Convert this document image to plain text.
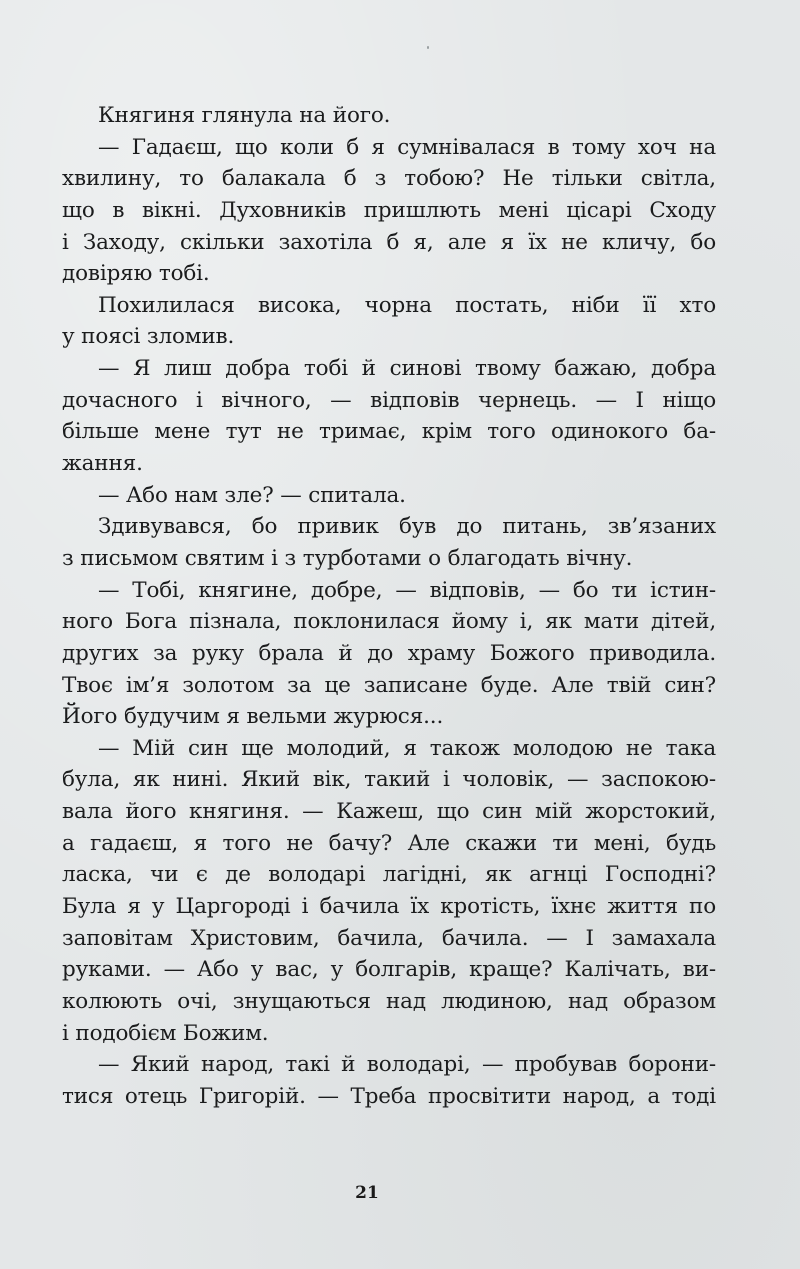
Княгиня глянула на його.
— Гадаєш, що коли б я сумнівалася в тому хоч на
хвилину, то балакала б з тобою? Не тільки світла,
що в вікні. Духовників пришлють мені цісарі Сходу
і Заходу, скільки захотіла б я, але я їх не кличу, бо
довіряю тобі.
Похилилася висока, чорна постать, ніби її хто
у поясі зломив.
— Я лиш добра тобі й синові твому бажаю, добра
дочасного і вічного, — відповів чернець. — І ніщо
більше мене тут не тримає, крім того одинокого ба-
жання.
— Або нам зле? — спитала.
Здивувався, бо привик був до питань, зв’язаних
з письмом святим і з турботами о благодать вічну.
— Тобі, княгине, добре, — відповів, — бо ти істин-
ного Бога пізнала, поклонилася йому і, як мати дітей,
других за руку брала й до храму Божого приводила.
Твоє ім’я золотом за це записане буде. Але твій син?
Його будучим я вельми журюся...
— Мій син ще молодий, я також молодою не така
була, як нині. Який вік, такий і чоловік, — заспокою-
вала його княгиня. — Кажеш, що син мій жорстокий,
а гадаєш, я того не бачу? Але скажи ти мені, будь
ласка, чи є де володарі лагідні, як агнці Господні?
Була я у Царгороді і бачила їх кротість, їхнє життя по
заповітам Христовим, бачила, бачила. — І замахала
руками. — Або у вас, у болгарів, краще? Калічать, ви-
колюють очі, знущаються над людиною, над образом
і подобієм Божим.
— Який народ, такі й володарі, — пробував борони-
тися отець Григорій. — Треба просвітити народ, а тоді
21
